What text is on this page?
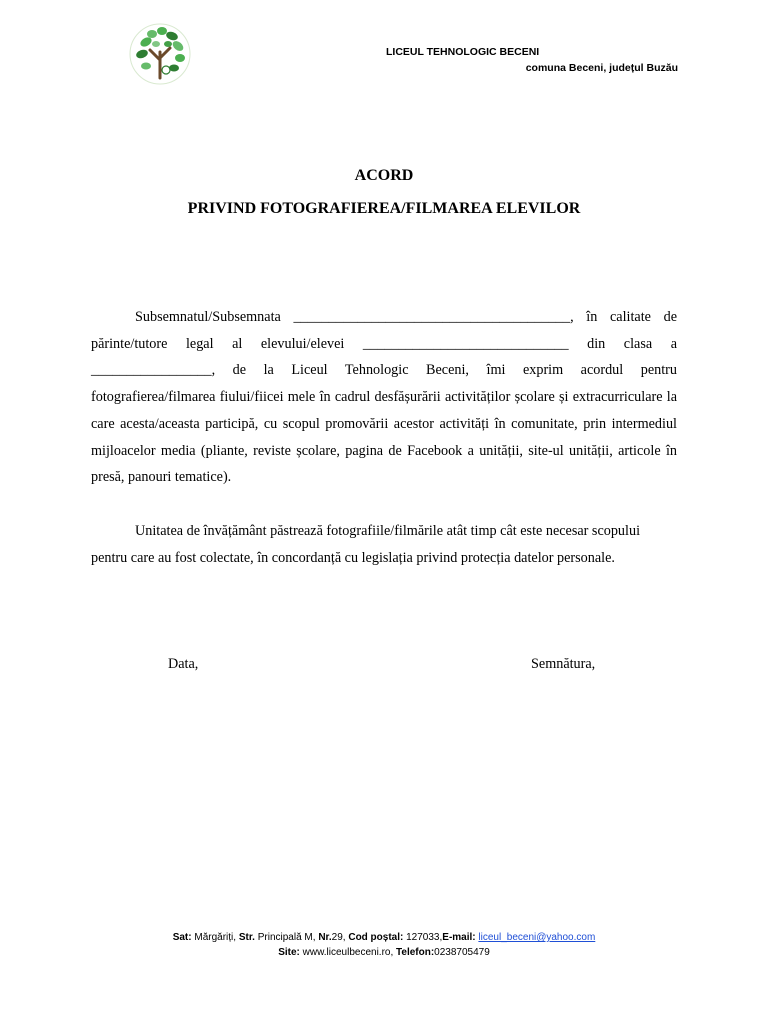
LICEUL TEHNOLOGIC BECENI
comuna Beceni, județul Buzău
ACORD
PRIVIND FOTOGRAFIEREA/FILMAREA ELEVILOR
Subsemnatul/Subsemnata _______________________________________, în calitate de părinte/tutore legal al elevului/elevei _____________________________ din clasa a _________________, de la Liceul Tehnologic Beceni, îmi exprim acordul pentru fotografierea/filmarea fiului/fiicei mele în cadrul desfășurării activităților școlare și extracurriculare la care acesta/aceasta participă, cu scopul promovării acestor activități în comunitate, prin intermediul mijloacelor media (pliante, reviste școlare, pagina de Facebook a unității, site-ul unității, articole în presă, panouri tematice).
Unitatea de învățământ păstrează fotografiile/filmările atât timp cât este necesar scopului pentru care au fost colectate, în concordanță cu legislația privind protecția datelor personale.
Data,	Semnătura,
Sat: Mărgăriți, Str. Principală M, Nr.29, Cod poștal: 127033,E-mail: liceul_beceni@yahoo.com
Site: www.liceulbeceni.ro, Telefon:0238705479
